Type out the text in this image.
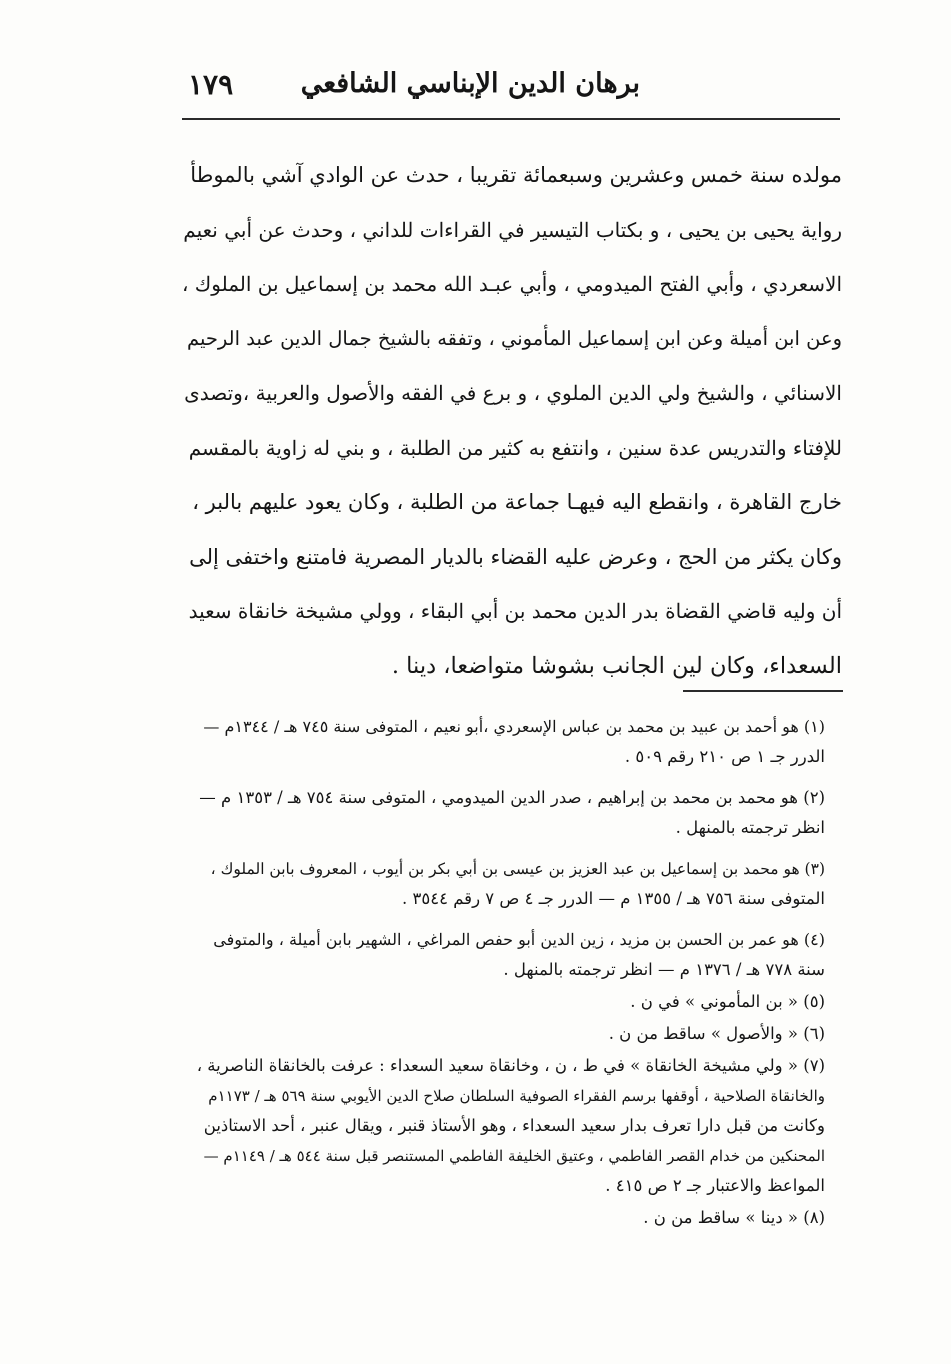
برهان الدين الإبناسي الشافعي
١٧٩
مولده سنة خمس وعشرين وسبعمائة تقريبا ، حدث عن الوادي آشي بالموطأ
رواية يحيى بن يحيى ، و بكتاب التيسير في القراءات للداني ، وحدث عن أبي نعيم
الاسعردي ، وأبي الفتح الميدومي ، وأبي عبـد الله محمد بن إسماعيل بن الملوك ،
وعن ابن أميلة وعن ابن إسماعيل المأموني ، وتفقه بالشيخ جمال الدين عبد الرحيم
الاسنائي ، والشيخ ولي الدين الملوي ، و برع في الفقه والأصول والعربية ،وتصدى
للإفتاء والتدريس عدة سنين ، وانتفع به كثير من الطلبة ، و بني له زاوية بالمقسم
خارج القاهرة ، وانقطع اليه فيهـا جماعة من الطلبة ، وكان يعود عليهم بالبر ،
وكان يكثر من الحج ، وعرض عليه القضاء بالديار المصرية فامتنع واختفى إلى
أن وليه قاضي القضاة بدر الدين محمد بن أبي البقاء ، وولي مشيخة خانقاة سعيد
السعداء، وكان لين الجانب بشوشا متواضعا، دينا .
(١) هو أحمد بن عبيد بن محمد بن عباس الإسعردي ،أبو نعيم ، المتوفى سنة ٧٤٥ هـ / ١٣٤٤م —
الدرر جـ ١ ص ٢١٠ رقم ٥٠٩ .
(٢) هو محمد بن محمد بن إبراهيم ، صدر الدين الميدومي ، المتوفى سنة ٧٥٤ هـ / ١٣٥٣ م —
انظر ترجمته بالمنهل .
(٣) هو محمد بن إسماعيل بن عبد العزيز بن عيسى بن أبي بكر بن أيوب ، المعروف بابن الملوك ،
المتوفى سنة ٧٥٦ هـ / ١٣٥٥ م — الدرر جـ ٤ ص ٧ رقم ٣٥٤٤ .
(٤) هو عمر بن الحسن بن مزيد ، زين الدين أبو حفص المراغي ، الشهير بابن أميلة ، والمتوفى
سنة ٧٧٨ هـ / ١٣٧٦ م — انظر ترجمته بالمنهل .
(٥) « بن المأموني » في ن .
(٦) « والأصول » ساقط من ن .
(٧) « ولي مشيخة الخانقاة » في ط ، ن ، وخانقاة سعيد السعداء : عرفت بالخانقاة الناصرية ،
والخانقاة الصلاحية ، أوقفها برسم الفقراء الصوفية السلطان صلاح الدين الأيوبي سنة ٥٦٩ هـ / ١١٧٣م
وكانت من قبل دارا تعرف بدار سعيد السعداء ، وهو الأستاذ قنبر ، ويقال عنبر ، أحد الاستاذين
المحنكين من خدام القصر الفاطمي ، وعتيق الخليفة الفاطمي المستنصر قبل سنة ٥٤٤ هـ / ١١٤٩م —
المواعظ والاعتبار جـ ٢ ص ٤١٥ .
(٨) « دينا » ساقط من ن .
